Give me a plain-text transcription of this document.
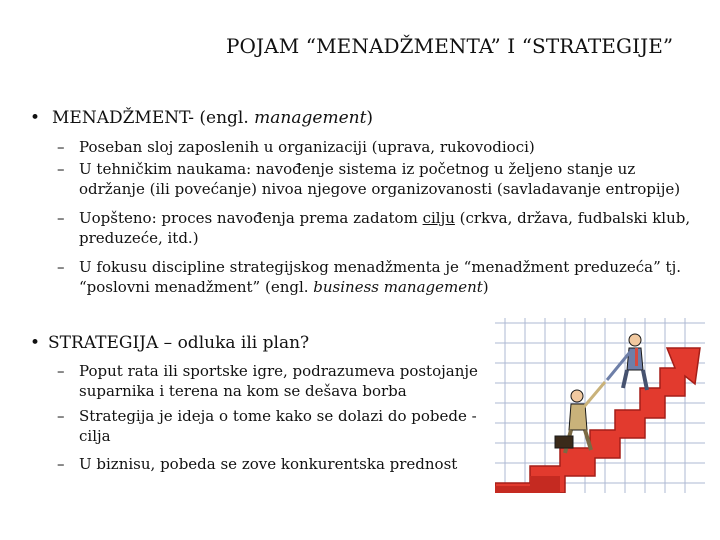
POJAM “MENADŽMENTA” I “STRATEGIJE”
• MENADŽMENT- (engl. management)
– Poseban sloj zaposlenih u organizaciji (uprava, rukovodioci)
– U tehničkim naukama: navođenje sistema iz početnog u željeno stanje uz održanje (ili povećanje) nivoa njegove organizovanosti (savladavanje entropije)
– Uopšteno: proces navođenja prema zadatom cilju (crkva, država, fudbalski klub, preduzeće, itd.)
– U fokusu discipline strategijskog menadžmenta je “menadžment preduzeća” tj. “poslovni menadžment” (engl. business management)
• STRATEGIJA – odluka ili plan?
– Poput rata ili sportske igre, podrazumeva postojanje suparnika i terena na kom se dešava borba
– Strategija je ideja o tome kako se dolazi do pobede - cilja
– U biznisu, pobeda se zove konkurentska prednost
